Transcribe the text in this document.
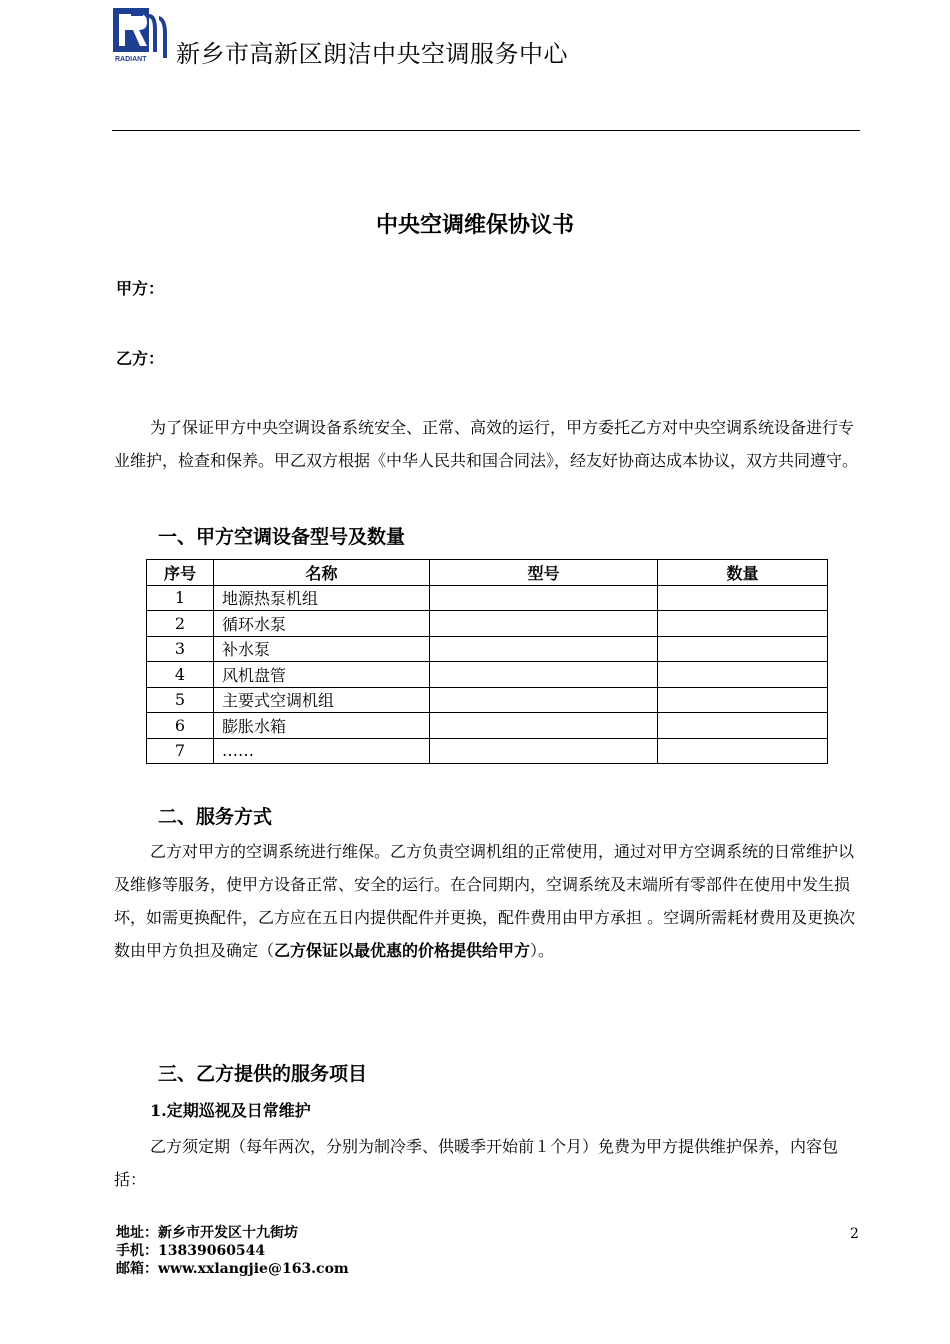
RADIANT 新乡市高新区朗洁中央空调服务中心
中央空调维保协议书
甲方：
乙方：
为了保证甲方中央空调设备系统安全、正常、高效的运行，甲方委托乙方对中央空调系统设备进行专业维护，检查和保养。甲乙双方根据《中华人民共和国合同法》，经友好协商达成本协议，双方共同遵守。
一、甲方空调设备型号及数量
序号	名称	型号	数量
1	地源热泵机组		
2	循环水泵		
3	补水泵		
4	风机盘管		
5	主要式空调机组		
6	膨胀水箱		
7	……		
二、服务方式
乙方对甲方的空调系统进行维保。乙方负责空调机组的正常使用，通过对甲方空调系统的日常维护以及维修等服务，使甲方设备正常、安全的运行。在合同期内，空调系统及末端所有零部件在使用中发生损坏，如需更换配件，乙方应在五日内提供配件并更换，配件费用由甲方承担 。空调所需耗材费用及更换次数由甲方负担及确定（乙方保证以最优惠的价格提供给甲方）。
三、乙方提供的服务项目
1.定期巡视及日常维护
乙方须定期（每年两次，分别为制冷季、供暖季开始前１个月）免费为甲方提供维护保养，内容包括：
地址：新乡市开发区十九街坊
手机：13839060544
邮箱：www.xxlangjie@163.com
2
